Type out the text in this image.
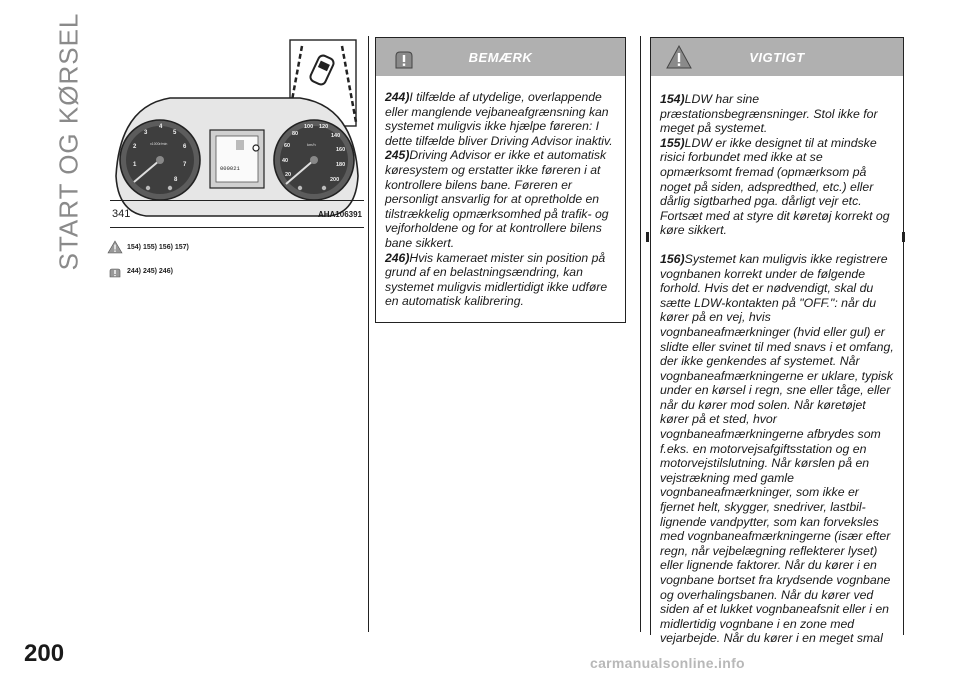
START OG KØRSEL
200
1
2
3
4
5
6
7
8
x1000r/min
000021
20
40
60
80
100 120
140
160
180
200
km/h
341	AHA106391
154) 155) 156) 157)
244) 245) 246)
BEMÆRK

244)I tilfælde af utydelige, overlappende eller manglende vejbaneafgrænsning kan systemet muligvis ikke hjælpe føreren: I dette tilfælde bliver Driving Advisor inaktiv.

245)Driving Advisor er ikke et automatisk køresystem og erstatter ikke føreren i at kontrollere bilens bane. Føreren er personligt ansvarlig for at opretholde en tilstrækkelig opmærksomhed på trafik- og vejforholdene og for at kontrollere bilens bane sikkert.

246)Hvis kameraet mister sin position på grund af en belastningsændring, kan systemet muligvis midlertidigt ikke udføre en automatisk kalibrering.

VIGTIGT

154)LDW har sine præstationsbegrænsninger. Stol ikke for meget på systemet.

155)LDW er ikke designet til at mindske risici forbundet med ikke at se opmærksomt fremad (opmærksom på noget på siden, adspredthed, etc.) eller dårlig sigtbarhed pga. dårligt vejr etc. Fortsæt med at styre dit køretøj korrekt og køre sikkert.

156)Systemet kan muligvis ikke registrere vognbanen korrekt under de følgende forhold. Hvis det er nødvendigt, skal du sætte LDW-kontakten på "OFF.": når du kører på en vej, hvis vognbaneafmærkninger (hvid eller gul) er slidte eller svinet til med snavs i et omfang, der ikke genkendes af systemet. Når vognbaneafmærkningerne er uklare, typisk under en kørsel i regn, sne eller tåge, eller når du kører mod solen. Når køretøjet kører på et sted, hvor vognbaneafmærkningerne afbrydes som f.eks. en motorvejsafgiftsstation og en motorvejstilslutning. Når kørslen på en vejstrækning med gamle vognbaneafmærkninger, som ikke er fjernet helt, skygger, snedriver, lastbil-lignende vandpytter, som kan forveksles med vognbaneafmærkningerne (især efter regn, når vejbelægning reflekterer lyset) eller lignende faktorer. Når du kører i en vognbane bortset fra krydsende vognbane og overhalingsbanen. Når du kører ved siden af et lukket vognbaneafsnit eller i en midlertidig vognbane i en zone med vejarbejde. Når du kører i en meget smal

carmanualsonline.info
